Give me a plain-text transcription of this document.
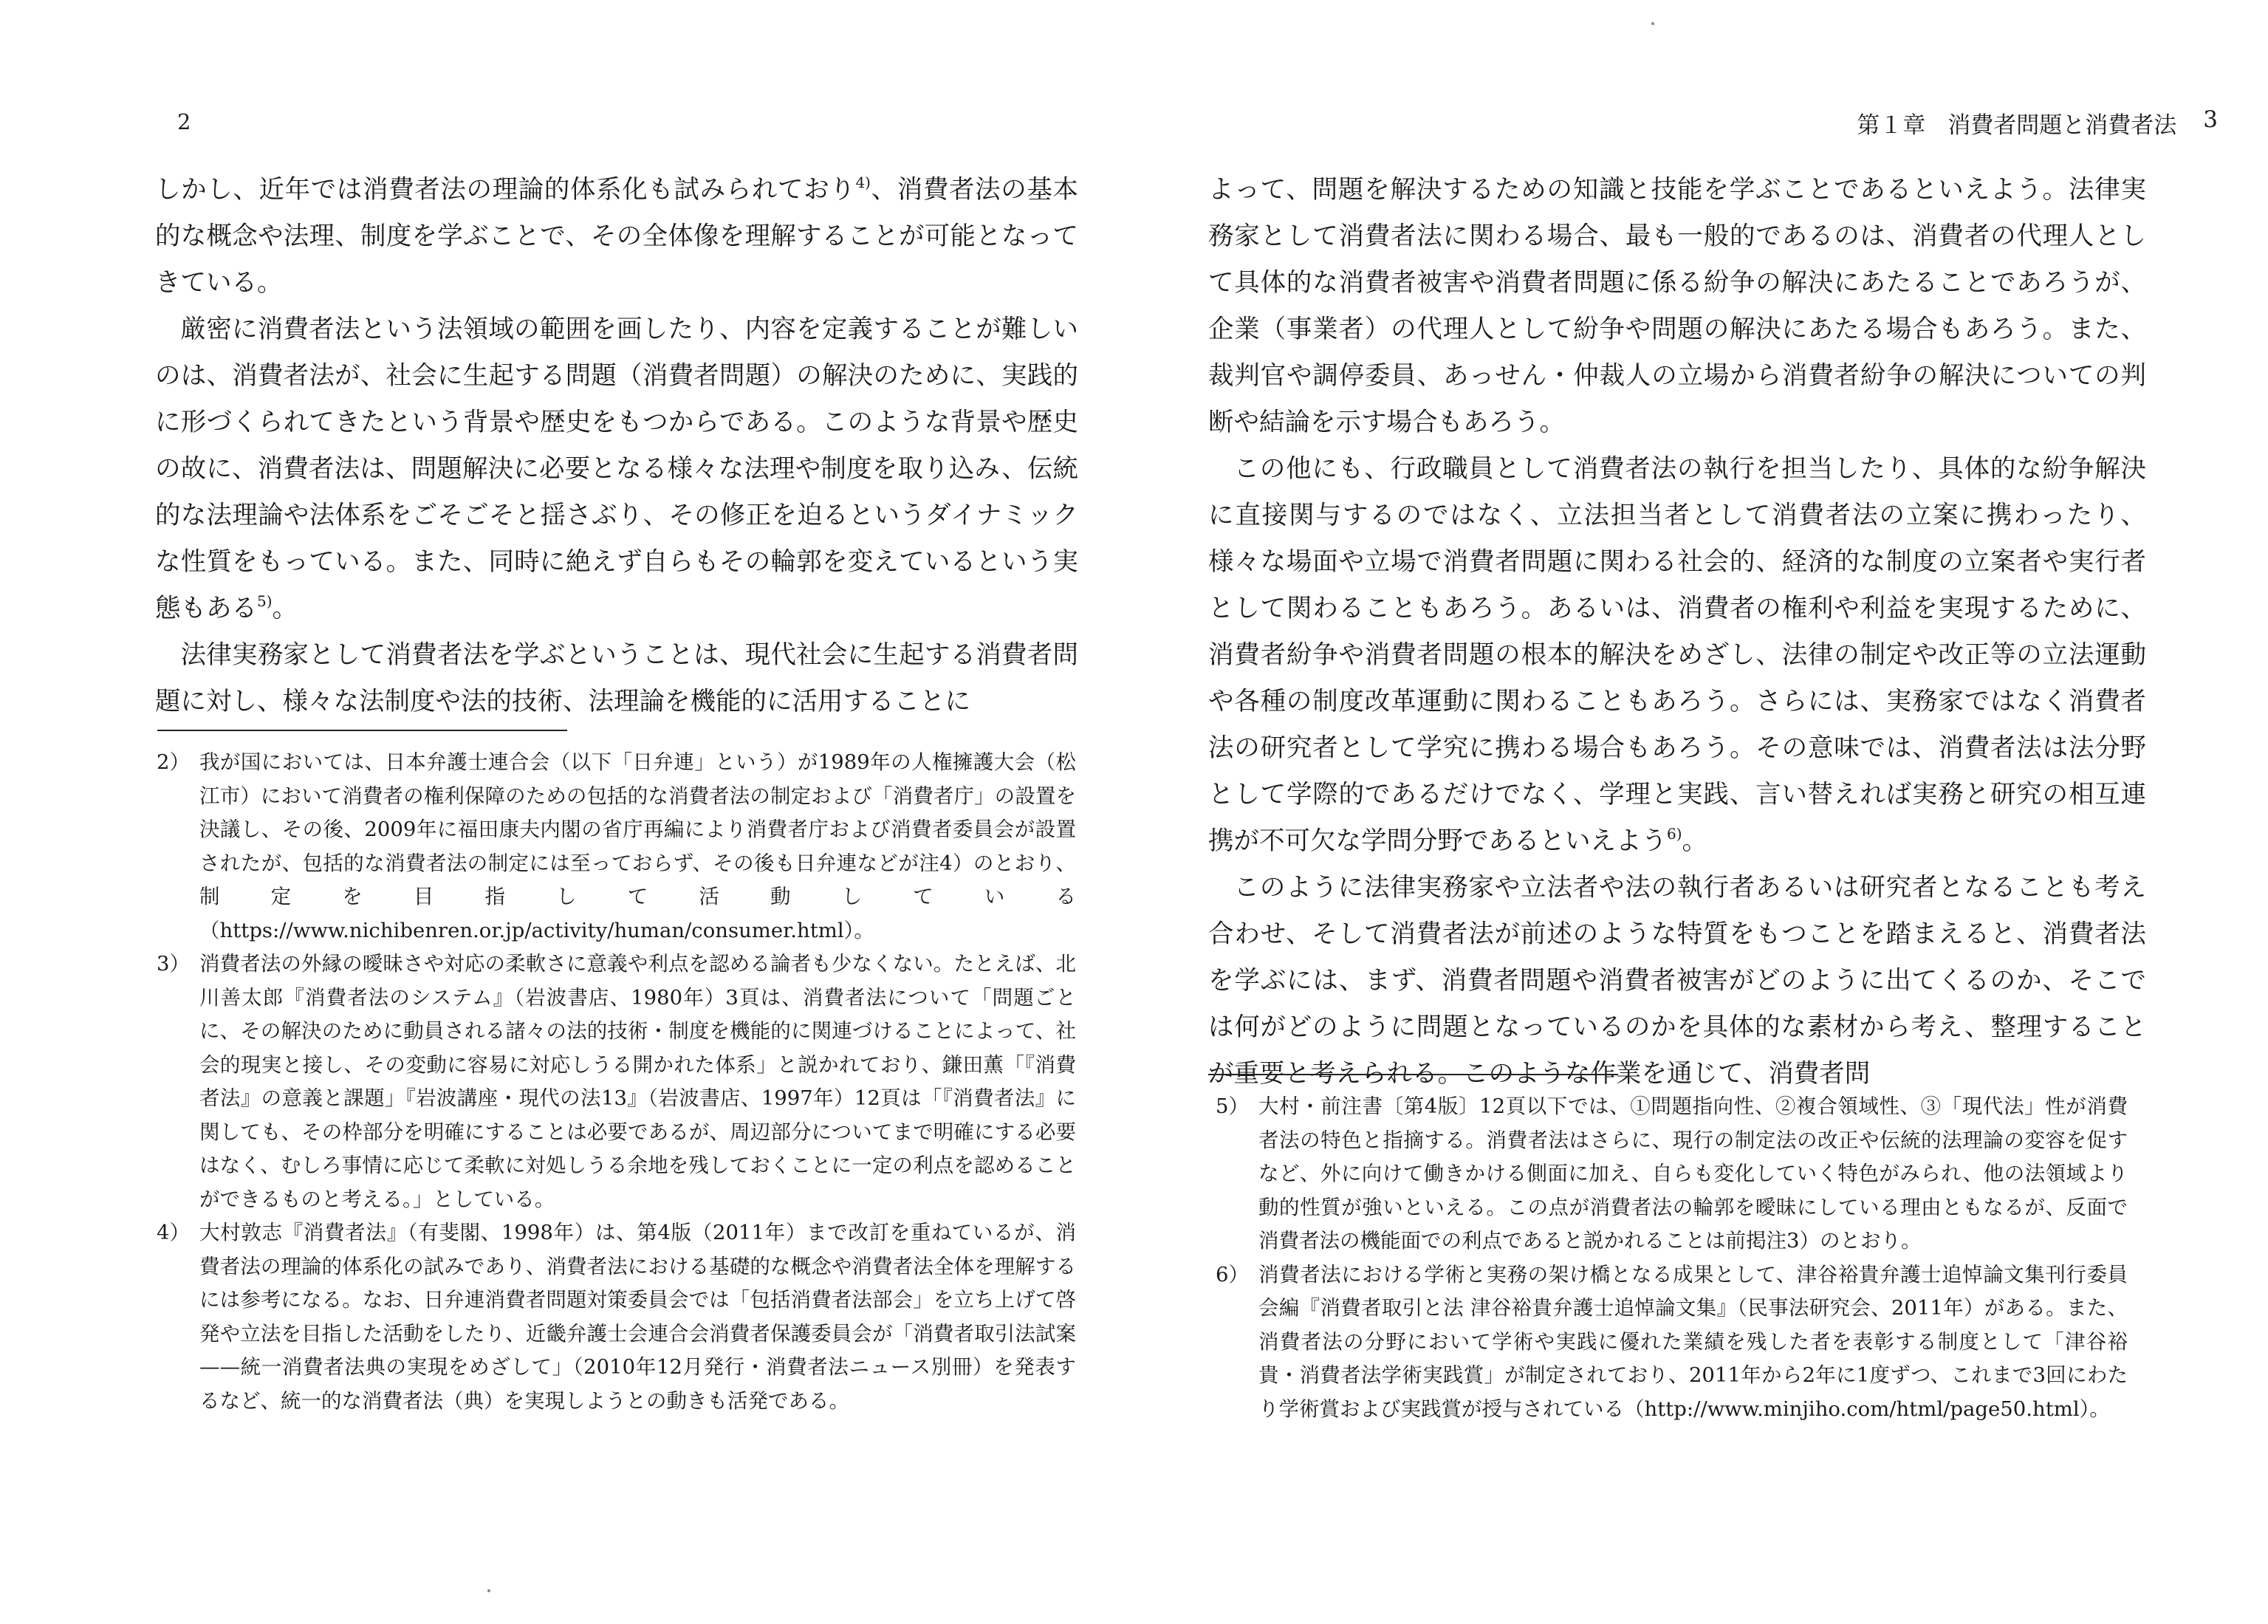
2

しかし、近年では消費者法の理論的体系化も試みられており$^{4)}$、消費者法の基本的な概念や法理、制度を学ぶことで、その全体像を理解することが可能となってきている。

厳密に消費者法という法領域の範囲を画したり、内容を定義することが難しいのは、消費者法が、社会に生起する問題（消費者問題）の解決のために、実践的に形づくられてきたという背景や歴史をもつからである。このような背景や歴史の故に、消費者法は、問題解決に必要となる様々な法理や制度を取り込み、伝統的な法理論や法体系をごそごそと揺さぶり、その修正を迫るというダイナミックな性質をもっている。また、同時に絶えず自らもその輪郭を変えているという実態もある$^{5)}$。

法律実務家として消費者法を学ぶということは、現代社会に生起する消費者問題に対し、様々な法制度や法的技術、法理論を機能的に活用することに

2） 我が国においては、日本弁護士連合会（以下「日弁連」という）が1989年の人権擁護大会（松江市）において消費者の権利保障のための包括的な消費者法の制定および「消費者庁」の設置を決議し、その後、2009年に福田康夫内閣の省庁再編により消費者庁および消費者委員会が設置されたが、包括的な消費者法の制定には至っておらず、その後も日弁連などが注4）のとおり、制定を目指して活動している（https://www.nichibenren.or.jp/activity/human/consumer.html）。
3） 消費者法の外縁の曖昧さや対応の柔軟さに意義や利点を認める論者も少なくない。たとえば、北川善太郎『消費者法のシステム』（岩波書店、1980年）3頁は、消費者法について「問題ごとに、その解決のために動員される諸々の法的技術・制度を機能的に関連づけることによって、社会的現実と接し、その変動に容易に対応しうる開かれた体系」と説かれており、鎌田薫「『消費者法』の意義と課題」『岩波講座・現代の法13』（岩波書店、1997年）12頁は「『消費者法』に関しても、その枠部分を明確にすることは必要であるが、周辺部分についてまで明確にする必要はなく、むしろ事情に応じて柔軟に対処しうる余地を残しておくことに一定の利点を認めることができるものと考える。」としている。
4） 大村敦志『消費者法』（有斐閣、1998年）は、第4版（2011年）まで改訂を重ねているが、消費者法の理論的体系化の試みであり、消費者法における基礎的な概念や消費者法全体を理解するには参考になる。なお、日弁連消費者問題対策委員会では「包括消費者法部会」を立ち上げて啓発や立法を目指した活動をしたり、近畿弁護士会連合会消費者保護委員会が「消費者取引法試案——統一消費者法典の実現をめざして」（2010年12月発行・消費者法ニュース別冊）を発表するなど、統一的な消費者法（典）を実現しようとの動きも活発である。
第１章 消費者問題と消費者法 3

よって、問題を解決するための知識と技能を学ぶことであるといえよう。法律実務家として消費者法に関わる場合、最も一般的であるのは、消費者の代理人として具体的な消費者被害や消費者問題に係る紛争の解決にあたることであろうが、企業（事業者）の代理人として紛争や問題の解決にあたる場合もあろう。また、裁判官や調停委員、あっせん・仲裁人の立場から消費者紛争の解決についての判断や結論を示す場合もあろう。

この他にも、行政職員として消費者法の執行を担当したり、具体的な紛争解決に直接関与するのではなく、立法担当者として消費者法の立案に携わったり、様々な場面や立場で消費者問題に関わる社会的、経済的な制度の立案者や実行者として関わることもあろう。あるいは、消費者の権利や利益を実現するために、消費者紛争や消費者問題の根本的解決をめざし、法律の制定や改正等の立法運動や各種の制度改革運動に関わることもあろう。さらには、実務家ではなく消費者法の研究者として学究に携わる場合もあろう。その意味では、消費者法は法分野として学際的であるだけでなく、学理と実践、言い替えれば実務と研究の相互連携が不可欠な学問分野であるといえよう$^{6)}$。

このように法律実務家や立法者や法の執行者あるいは研究者となることも考え合わせ、そして消費者法が前述のような特質をもつことを踏まえると、消費者法を学ぶには、まず、消費者問題や消費者被害がどのように出てくるのか、そこでは何がどのように問題となっているのかを具体的な素材から考え、整理することが重要と考えられる。このような作業を通じて、消費者問

5） 大村・前注書〔第4版〕12頁以下では、①問題指向性、②複合領域性、③「現代法」性が消費者法の特色と指摘する。消費者法はさらに、現行の制定法の改正や伝統的法理論の変容を促すなど、外に向けて働きかける側面に加え、自らも変化していく特色がみられ、他の法領域より動的性質が強いといえる。この点が消費者法の輪郭を曖昧にしている理由ともなるが、反面で消費者法の機能面での利点であると説かれることは前掲注3）のとおり。
6） 消費者法における学術と実務の架け橋となる成果として、津谷裕貴弁護士追悼論文集刊行委員会編『消費者取引と法 津谷裕貴弁護士追悼論文集』（民事法研究会、2011年）がある。また、消費者法の分野において学術や実践に優れた業績を残した者を表彰する制度として「津谷裕貴・消費者法学術実践賞」が制定されており、2011年から2年に1度ずつ、これまで3回にわたり学術賞および実践賞が授与されている（http://www.minjiho.com/html/page50.html）。
